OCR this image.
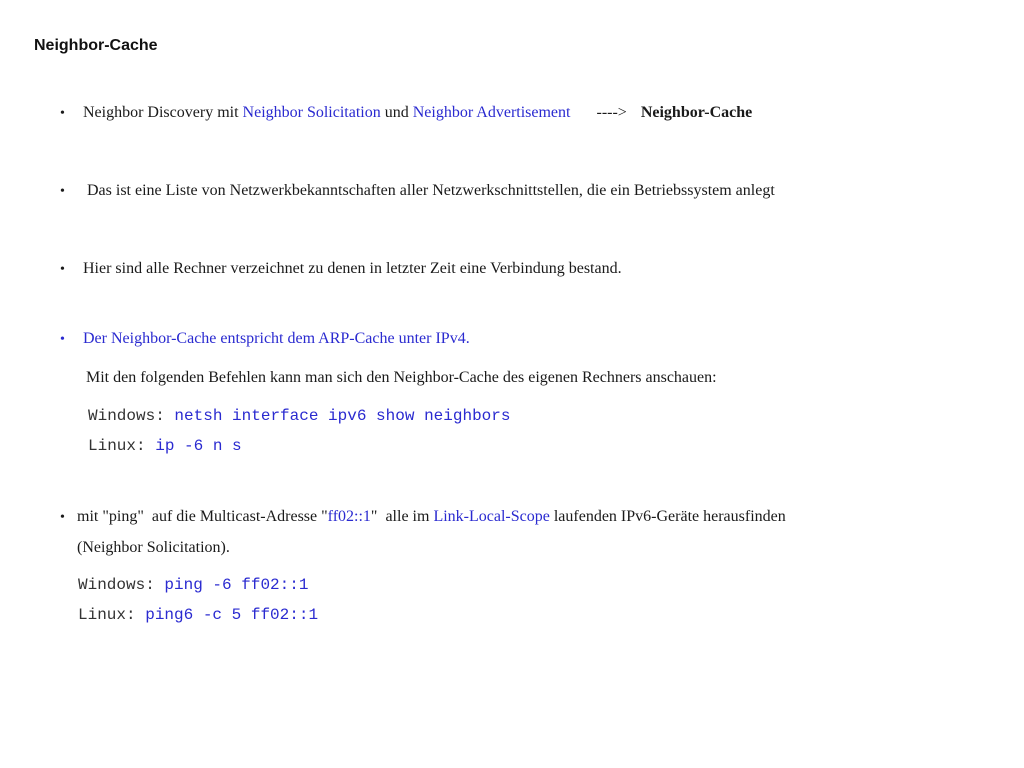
Neighbor-Cache
• Neighbor Discovery mit Neighbor Solicitation und Neighbor Advertisement ----> Neighbor-Cache
• Das ist eine Liste von Netzwerkbekanntschaften aller Netzwerkschnittstellen, die ein Betriebssystem anlegt
• Hier sind alle Rechner verzeichnet zu denen in letzter Zeit eine Verbindung bestand.
• Der Neighbor-Cache entspricht dem ARP-Cache unter IPv4.
Mit den folgenden Befehlen kann man sich den Neighbor-Cache des eigenen Rechners anschauen:
Windows: netsh interface ipv6 show neighbors
Linux: ip -6 n s
• mit "ping"  auf die Multicast-Adresse "ff02::1"  alle im Link-Local-Scope laufenden IPv6-Geräte herausfinden
(Neighbor Solicitation).
Windows: ping -6 ff02::1
Linux: ping6 -c 5 ff02::1
